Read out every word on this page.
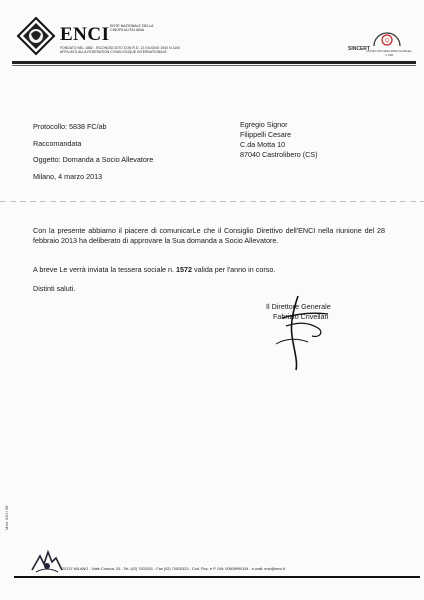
ENCI ENTE NAZIONALE DELLA CINOFILIA ITALIANA
FONDATO NEL 1882 - RICONOSCIUTO CON R.D. 13 GIUGNO 1940 N.1100
AFFILIATO ALLA FEDERATION CYNOLOGIQUE INTERNATIONALE
SINCERT
Q
UNI EN ISO 9001:2000 Certificato n. 520
Protocollo: 5838 FC/ab
Raccomandata
Oggetto: Domanda a Socio Allevatore
Milano, 4 marzo 2013
Egregio Signor
Filippelli Cesare
C.da Motta 10
87040 Castrolibero (CS)
Con la presente abbiamo il piacere di comunicarLe che il Consiglio Direttivo dell'ENCI nella riunione del 28 febbraio 2013 ha deliberato di approvare la Sua domanda a Socio Allevatore.
A breve Le verrà inviata la tessera sociale n. 1572 valida per l'anno in corso.
Distinti saluti.
Il Direttore Generale
Fabrizio Crivellari
Mod. 020 / 08
20137 MILANO - Viale Corsica, 20 - Tel. (02) 7002031 - Fax (02) 70020323 - Cod. Fisc. e P. IVA: 00809990154 - e-mail: enci@enci.it
